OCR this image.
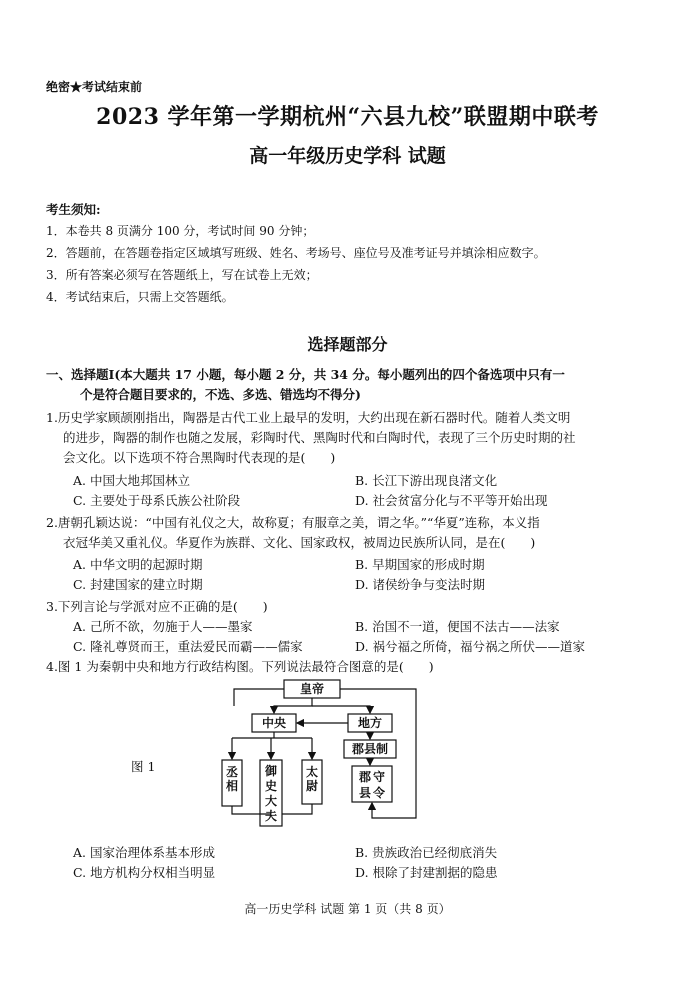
绝密★考试结束前
2023 学年第一学期杭州“六县九校”联盟期中联考
高一年级历史学科 试题
考生须知:
1．本卷共 8 页满分 100 分，考试时间 90 分钟；
2．答题前，在答题卷指定区域填写班级、姓名、考场号、座位号及准考证号并填涂相应数字。
3．所有答案必须写在答题纸上，写在试卷上无效；
4．考试结束后，只需上交答题纸。
选择题部分
一、选择题Ⅰ(本大题共 17 小题，每小题 2 分，共 34 分。每小题列出的四个备选项中只有一
个是符合题目要求的，不选、多选、错选均不得分)
1.历史学家顾颉刚指出，陶器是古代工业上最早的发明，大约出现在新石器时代。随着人类文明
的进步，陶器的制作也随之发展，彩陶时代、黑陶时代和白陶时代，表现了三个历史时期的社
会文化。以下选项不符合黑陶时代表现的是(　　)
A. 中国大地邦国林立	B. 长江下游出现良渚文化
C. 主要处于母系氏族公社阶段	D. 社会贫富分化与不平等开始出现
2.唐朝孔颖达说：“中国有礼仪之大，故称夏；有服章之美，谓之华。”“华夏”连称，本义指
衣冠华美又重礼仪。华夏作为族群、文化、国家政权，被周边民族所认同，是在(　　)
A. 中华文明的起源时期	B. 早期国家的形成时期
C. 封建国家的建立时期	D. 诸侯纷争与变法时期
3.下列言论与学派对应不正确的是(　　)
A. 己所不欲，勿施于人——墨家	B. 治国不一道，便国不法古——法家
C. 隆礼尊贤而王，重法爱民而霸——儒家	D. 祸兮福之所倚，福兮祸之所伏——道家
4.图 1 为秦朝中央和地方行政结构图。下列说法最符合图意的是(　　)
图 1
皇帝
中央	地方
郡县制
丞相
御史大夫
太尉
郡 守县 令
A. 国家治理体系基本形成	B. 贵族政治已经彻底消失
C. 地方机构分权相当明显	D. 根除了封建割据的隐患
高一历史学科 试题 第 1 页（共 8 页）
